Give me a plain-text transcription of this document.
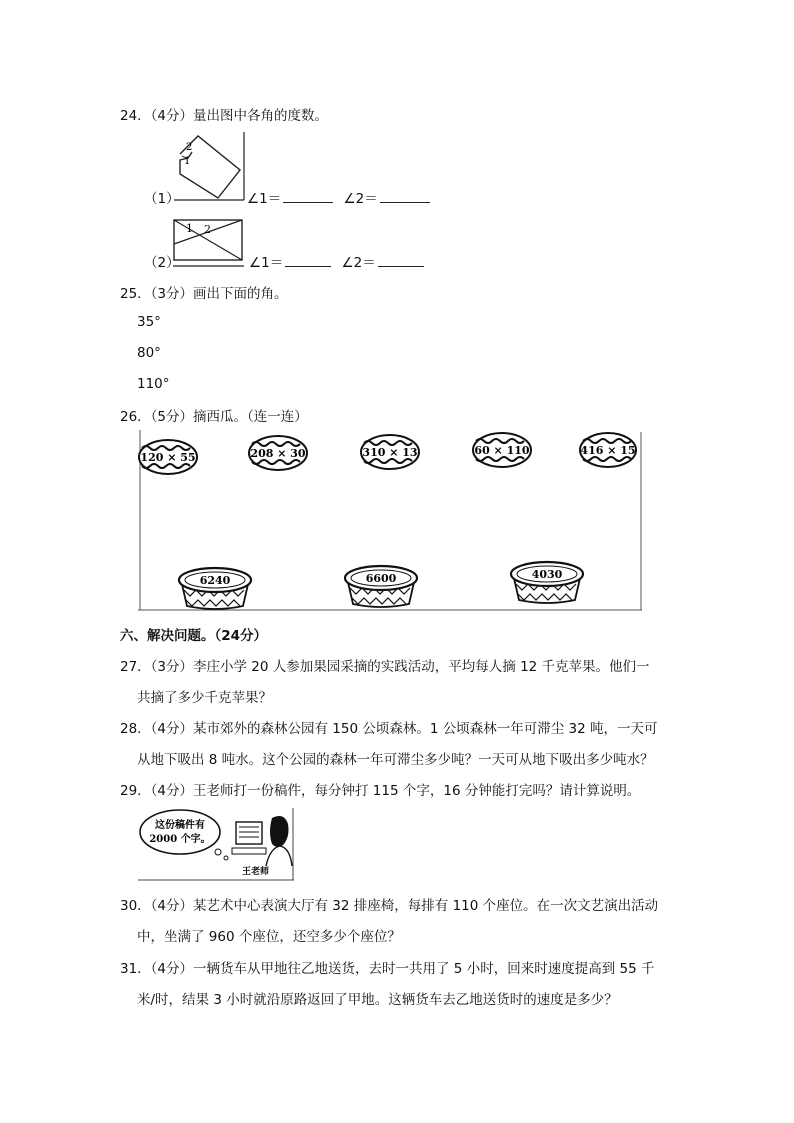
24．（4分）量出图中各角的度数。
2
1
（1）	∠1＝	∠2＝
1 2
（2）	∠1＝	∠2＝
25．（3分）画出下面的角。
35°
80°
110°
26．（5分）摘西瓜。（连一连）
120 × 55	208 × 30	310 × 13	60 × 110	416 × 15
6240	6600	4030
六、解决问题。（24分）
27．（3分）李庄小学 20 人参加果园采摘的实践活动，平均每人摘 12 千克苹果。他们一
共摘了多少千克苹果？
28．（4分）某市郊外的森林公园有 150 公顷森林。1 公顷森林一年可滞尘 32 吨，一天可
从地下吸出 8 吨水。这个公园的森林一年可滞尘多少吨？一天可从地下吸出多少吨水？
29．（4分）王老师打一份稿件，每分钟打 115 个字，16 分钟能打完吗？请计算说明。
这份稿件有
2000 个字。
王老师
30．（4分）某艺术中心表演大厅有 32 排座椅，每排有 110 个座位。在一次文艺演出活动
中，坐满了 960 个座位，还空多少个座位？
31．（4分）一辆货车从甲地往乙地送货，去时一共用了 5 小时，回来时速度提高到 55 千
米/时，结果 3 小时就沿原路返回了甲地。这辆货车去乙地送货时的速度是多少？
